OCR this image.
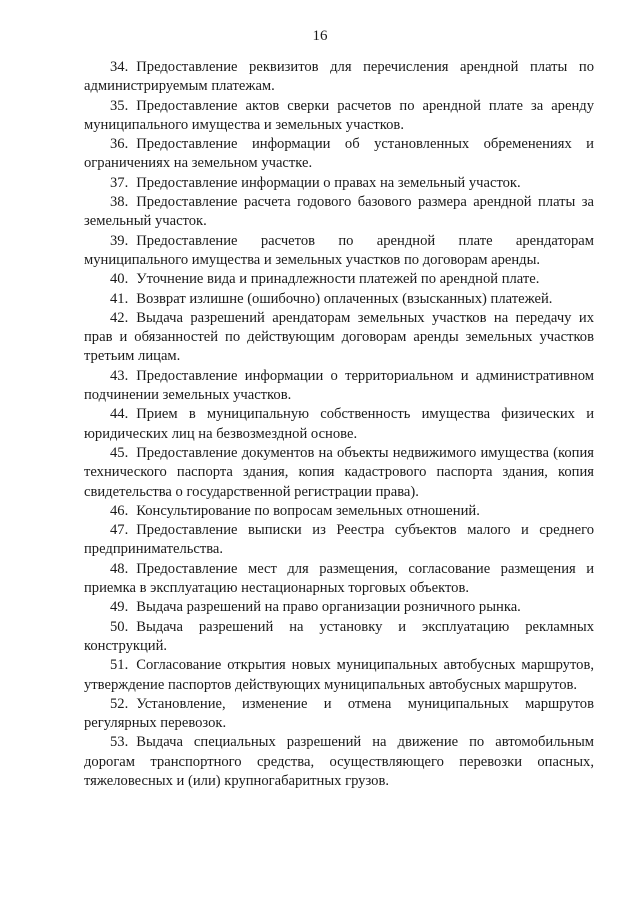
16

34. Предоставление реквизитов для перечисления арендной платы по администрируемым платежам.

35. Предоставление актов сверки расчетов по арендной плате за аренду муниципального имущества и земельных участков.

36. Предоставление информации об установленных обременениях и ограничениях на земельном участке.

37. Предоставление информации о правах на земельный участок.

38. Предоставление расчета годового базового размера арендной платы за земельный участок.

39. Предоставление расчетов по арендной плате арендаторам муниципального имущества и земельных участков по договорам аренды.

40. Уточнение вида и принадлежности платежей по арендной плате.

41. Возврат излишне (ошибочно) оплаченных (взысканных) платежей.

42. Выдача разрешений арендаторам земельных участков на передачу их прав и обязанностей по действующим договорам аренды земельных участков третьим лицам.

43. Предоставление информации о территориальном и административном подчинении земельных участков.

44. Прием в муниципальную собственность имущества физических и юридических лиц на безвозмездной основе.

45. Предоставление документов на объекты недвижимого имущества (копия технического паспорта здания, копия кадастрового паспорта здания, копия свидетельства о государственной регистрации права).

46. Консультирование по вопросам земельных отношений.

47. Предоставление выписки из Реестра субъектов малого и среднего предпринимательства.

48. Предоставление мест для размещения, согласование размещения и приемка в эксплуатацию нестационарных торговых объектов.

49. Выдача разрешений на право организации розничного рынка.

50. Выдача разрешений на установку и эксплуатацию рекламных конструкций.

51. Согласование открытия новых муниципальных автобусных маршрутов, утверждение паспортов действующих муниципальных автобусных маршрутов.

52. Установление, изменение и отмена муниципальных маршрутов регулярных перевозок.

53. Выдача специальных разрешений на движение по автомобильным дорогам транспортного средства, осуществляющего перевозки опасных, тяжеловесных и (или) крупногабаритных грузов.
